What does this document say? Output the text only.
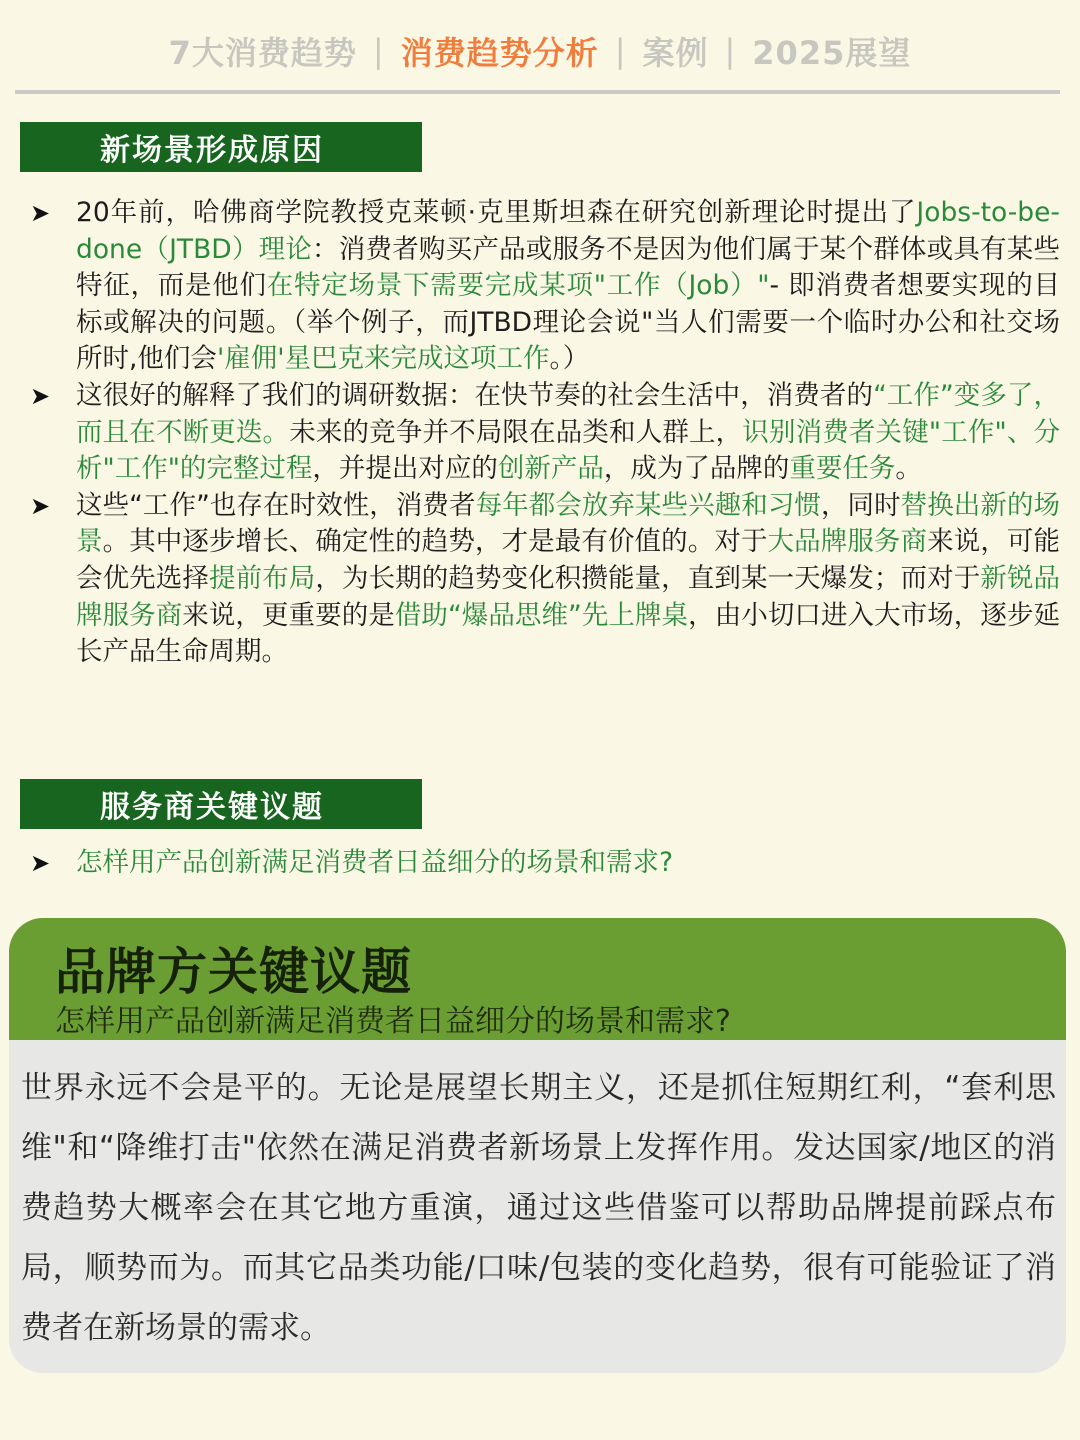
7大消费趋势 | 消费趋势分析 | 案例 | 2025展望
新场景形成原因
➤ 20年前，哈佛商学院教授克莱顿·克里斯坦森在研究创新理论时提出了Jobs-to-be-done（JTBD）理论：消费者购买产品或服务不是因为他们属于某个群体或具有某些特征，而是他们在特定场景下需要完成某项"工作（Job）"- 即消费者想要实现的目标或解决的问题。（举个例子，而JTBD理论会说"当人们需要一个临时办公和社交场所时,他们会'雇佣'星巴克来完成这项工作。）
➤ 这很好的解释了我们的调研数据：在快节奏的社会生活中，消费者的“工作”变多了，而且在不断更迭。未来的竞争并不局限在品类和人群上，识别消费者关键"工作"、分析"工作"的完整过程，并提出对应的创新产品，成为了品牌的重要任务。
➤ 这些“工作”也存在时效性，消费者每年都会放弃某些兴趣和习惯，同时替换出新的场景。其中逐步增长、确定性的趋势，才是最有价值的。对于大品牌服务商来说，可能会优先选择提前布局，为长期的趋势变化积攒能量，直到某一天爆发；而对于新锐品牌服务商来说，更重要的是借助“爆品思维”先上牌桌，由小切口进入大市场，逐步延长产品生命周期。
服务商关键议题
➤ 怎样用产品创新满足消费者日益细分的场景和需求?
品牌方关键议题
怎样用产品创新满足消费者日益细分的场景和需求?
世界永远不会是平的。无论是展望长期主义，还是抓住短期红利，“套利思维"和“降维打击"依然在满足消费者新场景上发挥作用。发达国家/地区的消费趋势大概率会在其它地方重演，通过这些借鉴可以帮助品牌提前踩点布局，顺势而为。而其它品类功能/口味/包装的变化趋势，很有可能验证了消费者在新场景的需求。
